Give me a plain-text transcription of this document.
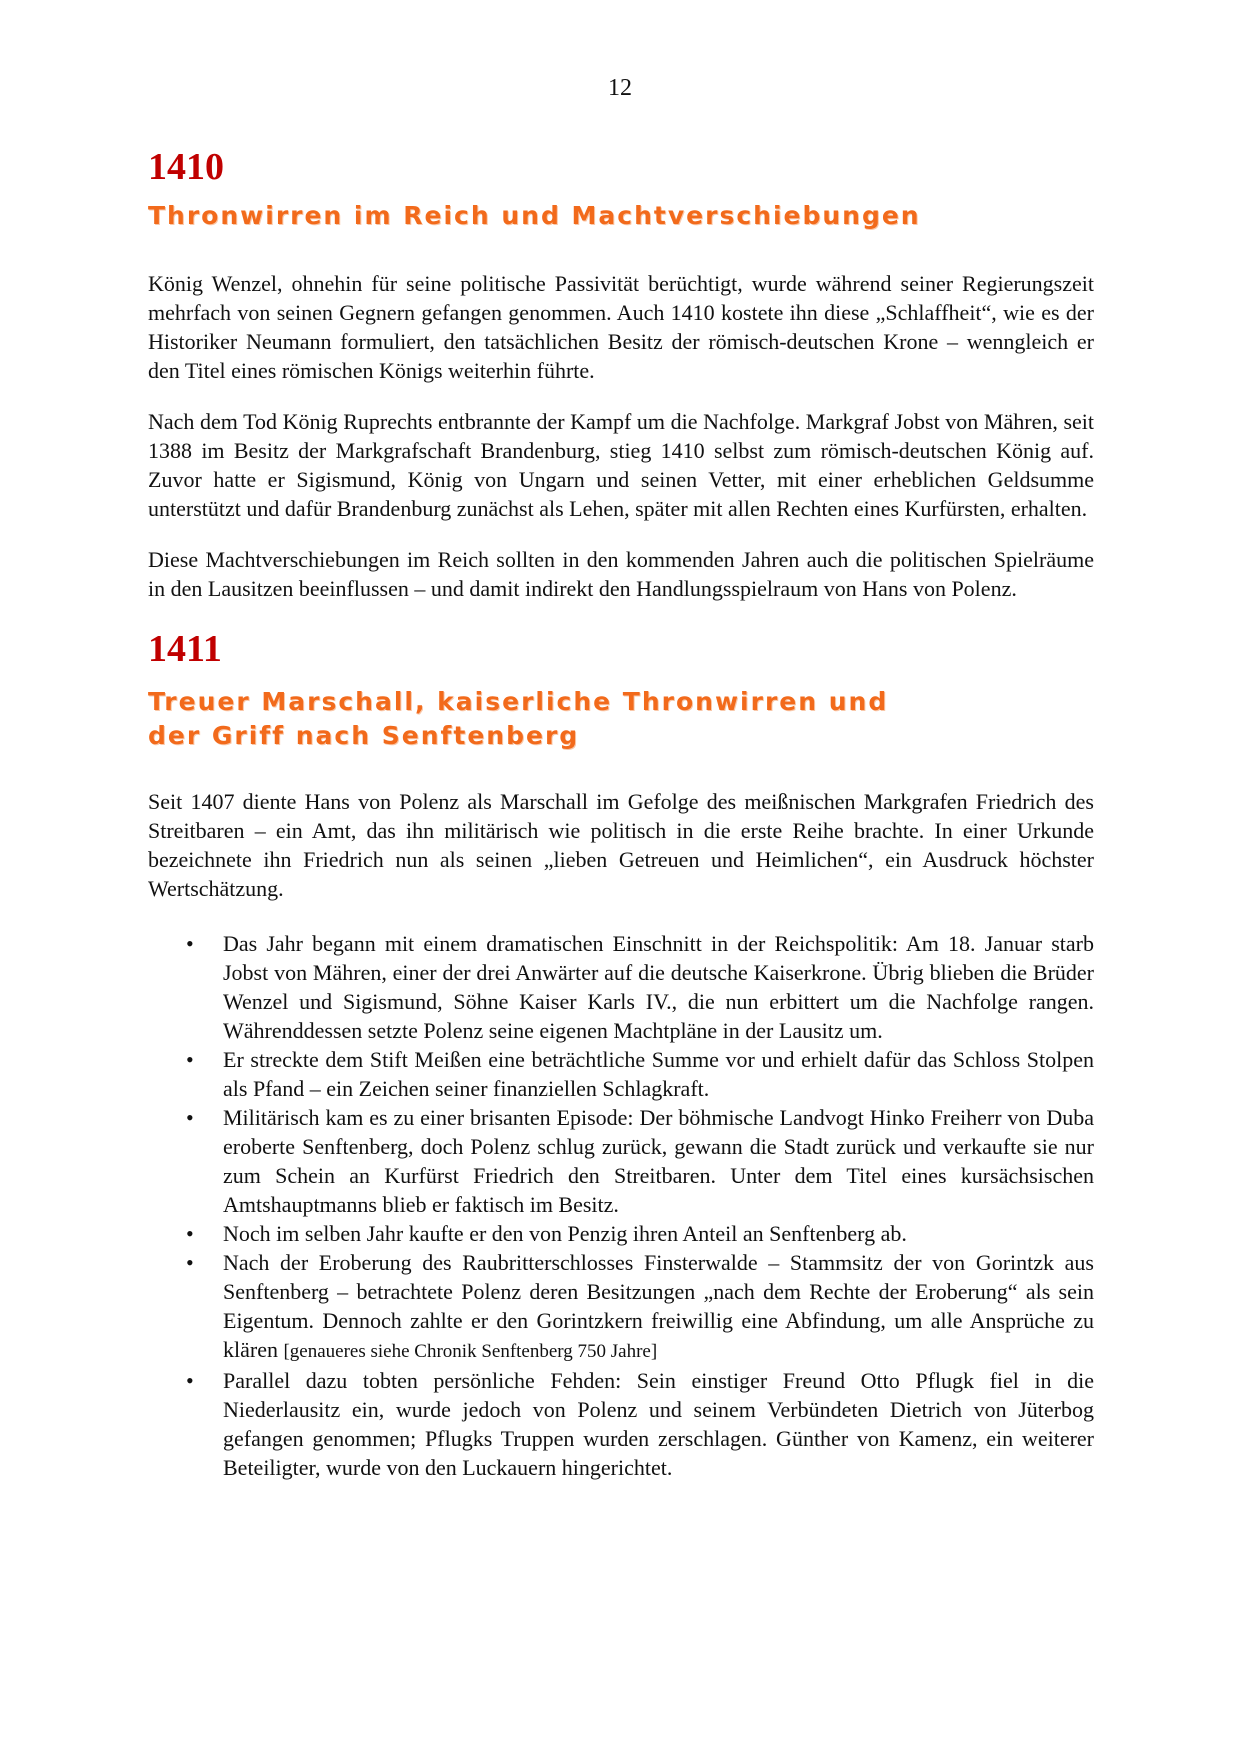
12
1410
Thronwirren im Reich und Machtverschiebungen

König Wenzel, ohnehin für seine politische Passivität berüchtigt, wurde während seiner Regierungszeit mehrfach von seinen Gegnern gefangen genommen. Auch 1410 kostete ihn diese „Schlaffheit“, wie es der Historiker Neumann formuliert, den tatsächlichen Besitz der römisch-deutschen Krone – wenngleich er den Titel eines römischen Königs weiterhin führte.

Nach dem Tod König Ruprechts entbrannte der Kampf um die Nachfolge. Markgraf Jobst von Mähren, seit 1388 im Besitz der Markgrafschaft Brandenburg, stieg 1410 selbst zum römisch-deutschen König auf. Zuvor hatte er Sigismund, König von Ungarn und seinen Vetter, mit einer erheblichen Geldsumme unterstützt und dafür Brandenburg zunächst als Lehen, später mit allen Rechten eines Kurfürsten, erhalten.

Diese Machtverschiebungen im Reich sollten in den kommenden Jahren auch die politischen Spielräume in den Lausitzen beeinflussen – und damit indirekt den Handlungsspielraum von Hans von Polenz.

1411
Treuer Marschall, kaiserliche Thronwirren und
der Griff nach Senftenberg

Seit 1407 diente Hans von Polenz als Marschall im Gefolge des meißnischen Markgrafen Friedrich des Streitbaren – ein Amt, das ihn militärisch wie politisch in die erste Reihe brachte. In einer Urkunde bezeichnete ihn Friedrich nun als seinen „lieben Getreuen und Heimlichen“, ein Ausdruck höchster Wertschätzung.

• Das Jahr begann mit einem dramatischen Einschnitt in der Reichspolitik: Am 18. Januar starb Jobst von Mähren, einer der drei Anwärter auf die deutsche Kaiserkrone. Übrig blieben die Brüder Wenzel und Sigismund, Söhne Kaiser Karls IV., die nun erbittert um die Nachfolge rangen. Währenddessen setzte Polenz seine eigenen Machtpläne in der Lausitz um.
• Er streckte dem Stift Meißen eine beträchtliche Summe vor und erhielt dafür das Schloss Stolpen als Pfand – ein Zeichen seiner finanziellen Schlagkraft.
• Militärisch kam es zu einer brisanten Episode: Der böhmische Landvogt Hinko Freiherr von Duba eroberte Senftenberg, doch Polenz schlug zurück, gewann die Stadt zurück und verkaufte sie nur zum Schein an Kurfürst Friedrich den Streitbaren. Unter dem Titel eines kursächsischen Amtshauptmanns blieb er faktisch im Besitz.
• Noch im selben Jahr kaufte er den von Penzig ihren Anteil an Senftenberg ab.
• Nach der Eroberung des Raubritterschlosses Finsterwalde – Stammsitz der von Gorintzk aus Senftenberg – betrachtete Polenz deren Besitzungen „nach dem Rechte der Eroberung“ als sein Eigentum. Dennoch zahlte er den Gorintzkern freiwillig eine Abfindung, um alle Ansprüche zu klären [genaueres siehe Chronik Senftenberg 750 Jahre]
• Parallel dazu tobten persönliche Fehden: Sein einstiger Freund Otto Pflugk fiel in die Niederlausitz ein, wurde jedoch von Polenz und seinem Verbündeten Dietrich von Jüterbog gefangen genommen; Pflugks Truppen wurden zerschlagen. Günther von Kamenz, ein weiterer Beteiligter, wurde von den Luckauern hingerichtet.
